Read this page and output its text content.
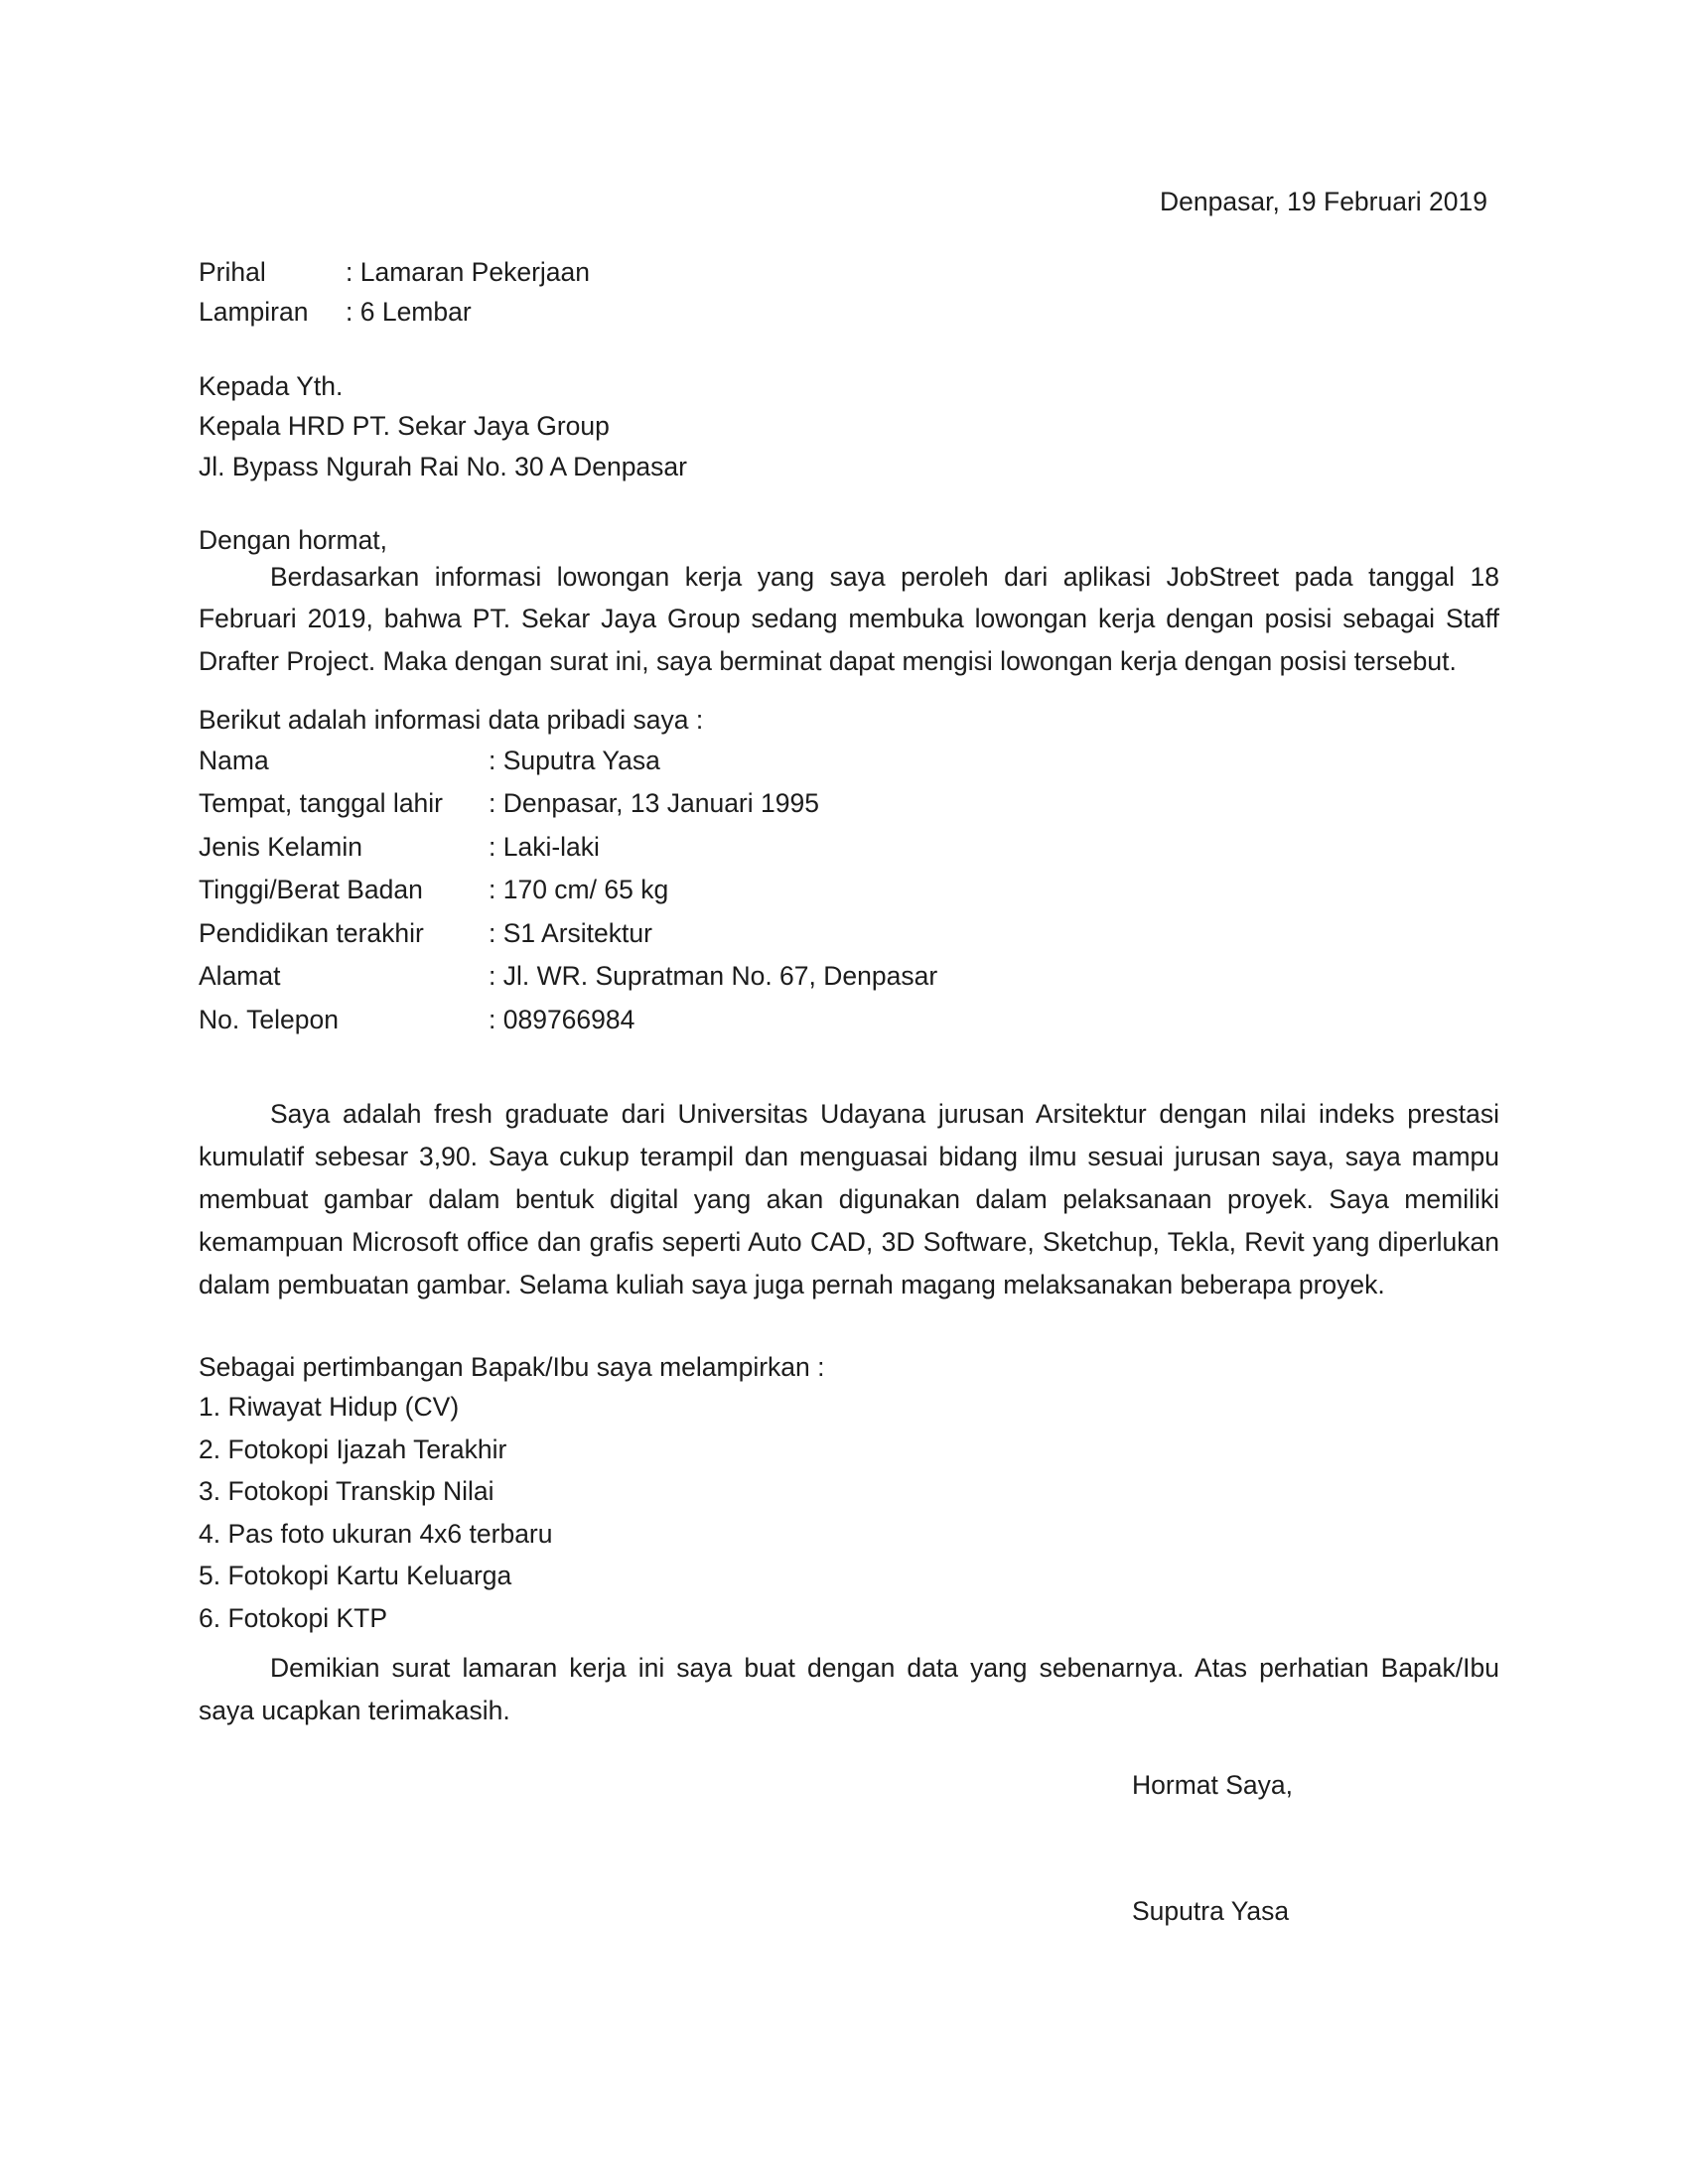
Denpasar, 19 Februari 2019
Prihal	: Lamaran Pekerjaan
Lampiran	: 6 Lembar
Kepada Yth.
Kepala HRD PT. Sekar Jaya Group
Jl. Bypass Ngurah Rai No. 30 A Denpasar
Dengan hormat,

Berdasarkan informasi lowongan kerja yang saya peroleh dari aplikasi JobStreet pada tanggal 18 Februari 2019, bahwa PT. Sekar Jaya Group sedang membuka lowongan kerja dengan posisi sebagai Staff Drafter Project. Maka dengan surat ini, saya berminat dapat mengisi lowongan kerja dengan posisi tersebut.

Berikut adalah informasi data pribadi saya :
Nama	: Suputra Yasa
Tempat, tanggal lahir	: Denpasar, 13 Januari 1995
Jenis Kelamin	: Laki-laki
Tinggi/Berat Badan	: 170 cm/ 65 kg
Pendidikan terakhir	: S1 Arsitektur
Alamat	: Jl. WR. Supratman No. 67, Denpasar
No. Telepon	: 089766984

Saya adalah fresh graduate dari Universitas Udayana jurusan Arsitektur dengan nilai indeks prestasi kumulatif sebesar 3,90. Saya cukup terampil dan menguasai bidang ilmu sesuai jurusan saya, saya mampu membuat gambar dalam bentuk digital yang akan digunakan dalam pelaksanaan proyek. Saya memiliki kemampuan Microsoft office dan grafis seperti Auto CAD, 3D Software, Sketchup, Tekla, Revit yang diperlukan dalam pembuatan gambar. Selama kuliah saya juga pernah magang melaksanakan beberapa proyek.

Sebagai pertimbangan Bapak/Ibu saya melampirkan :
1. Riwayat Hidup (CV)
2. Fotokopi Ijazah Terakhir
3. Fotokopi Transkip Nilai
4. Pas foto ukuran 4x6 terbaru
5. Fotokopi Kartu Keluarga
6. Fotokopi KTP

Demikian surat lamaran kerja ini saya buat dengan data yang sebenarnya. Atas perhatian Bapak/Ibu saya ucapkan terimakasih.

Hormat Saya,
Suputra Yasa
